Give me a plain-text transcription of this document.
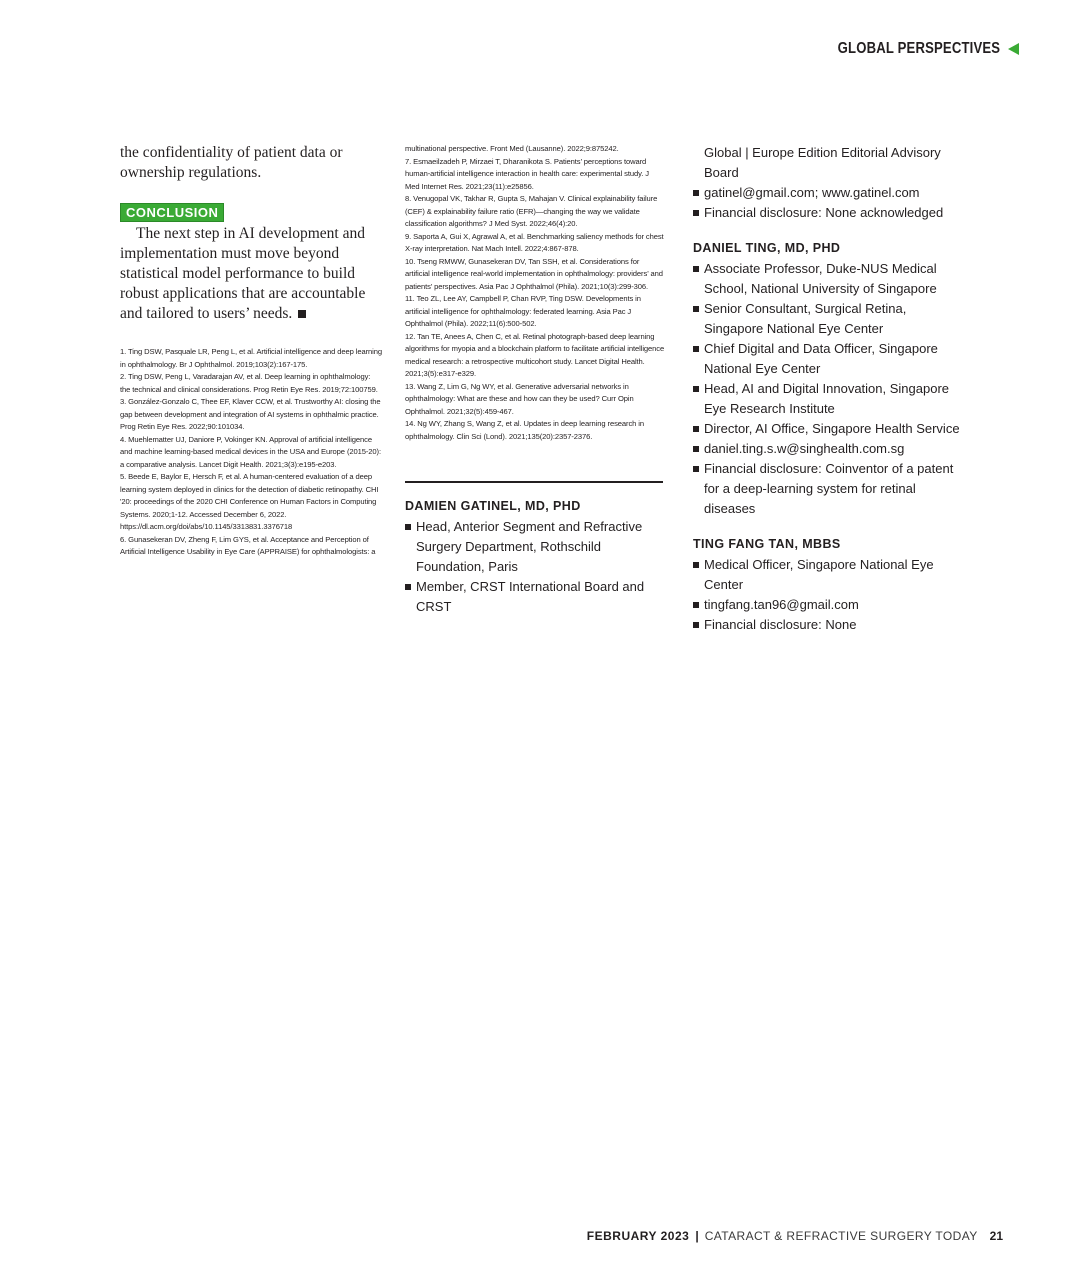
GLOBAL PERSPECTIVES

the confidentiality of patient data or ownership regulations.

CONCLUSION

The next step in AI development and implementation must move beyond statistical model performance to build robust applications that are accountable and tailored to users’ needs.

1. Ting DSW, Pasquale LR, Peng L, et al. Artificial intelligence and deep learning in ophthalmology. Br J Ophthalmol. 2019;103(2):167-175.

2. Ting DSW, Peng L, Varadarajan AV, et al. Deep learning in ophthalmology: the technical and clinical considerations. Prog Retin Eye Res. 2019;72:100759.

3. González-Gonzalo C, Thee EF, Klaver CCW, et al. Trustworthy AI: closing the gap between development and integration of AI systems in ophthalmic practice. Prog Retin Eye Res. 2022;90:101034.

4. Muehlematter UJ, Daniore P, Vokinger KN. Approval of artificial intelligence and machine learning-based medical devices in the USA and Europe (2015-20): a comparative analysis. Lancet Digit Health. 2021;3(3):e195-e203.

5. Beede E, Baylor E, Hersch F, et al. A human-centered evaluation of a deep learning system deployed in clinics for the detection of diabetic retinopathy. CHI '20: proceedings of the 2020 CHI Conference on Human Factors in Computing Systems. 2020;1-12. Accessed December 6, 2022. https://dl.acm.org/doi/abs/10.1145/3313831.3376718

6. Gunasekeran DV, Zheng F, Lim GYS, et al. Acceptance and Perception of Artificial Intelligence Usability in Eye Care (APPRAISE) for ophthalmologists: a

multinational perspective. Front Med (Lausanne). 2022;9:875242.

7. Esmaeilzadeh P, Mirzaei T, Dharanikota S. Patients’ perceptions toward human-artificial intelligence interaction in health care: experimental study. J Med Internet Res. 2021;23(11):e25856.

8. Venugopal VK, Takhar R, Gupta S, Mahajan V. Clinical explainability failure (CEF) & explainability failure ratio (EFR)—changing the way we validate classification algorithms? J Med Syst. 2022;46(4):20.

9. Saporta A, Gui X, Agrawal A, et al. Benchmarking saliency methods for chest X-ray interpretation. Nat Mach Intell. 2022;4:867-878.

10. Tseng RMWW, Gunasekeran DV, Tan SSH, et al. Considerations for artificial intelligence real-world implementation in ophthalmology: providers’ and patients’ perspectives. Asia Pac J Ophthalmol (Phila). 2021;10(3):299-306.

11. Teo ZL, Lee AY, Campbell P, Chan RVP, Ting DSW. Developments in artificial intelligence for ophthalmology: federated learning. Asia Pac J Ophthalmol (Phila). 2022;11(6):500-502.

12. Tan TE, Anees A, Chen C, et al. Retinal photograph-based deep learning algorithms for myopia and a blockchain platform to facilitate artificial intelligence medical research: a retrospective multicohort study. Lancet Digital Health. 2021;3(5):e317-e329.

13. Wang Z, Lim G, Ng WY, et al. Generative adversarial networks in ophthalmology: What are these and how can they be used? Curr Opin Ophthalmol. 2021;32(5):459-467.

14. Ng WY, Zhang S, Wang Z, et al. Updates in deep learning research in ophthalmology. Clin Sci (Lond). 2021;135(20):2357-2376.

DAMIEN GATINEL, MD, PHD

Head, Anterior Segment and Refractive Surgery Department, Rothschild Foundation, Paris
Member, CRST International Board and CRST
Global | Europe Edition Editorial Advisory Board
gatinel@gmail.com; www.gatinel.com
Financial disclosure: None acknowledged

DANIEL TING, MD, PHD

Associate Professor, Duke-NUS Medical School, National University of Singapore
Senior Consultant, Surgical Retina, Singapore National Eye Center
Chief Digital and Data Officer, Singapore National Eye Center
Head, AI and Digital Innovation, Singapore Eye Research Institute
Director, AI Office, Singapore Health Service
daniel.ting.s.w@singhealth.com.sg
Financial disclosure: Coinventor of a patent for a deep-learning system for retinal diseases

TING FANG TAN, MBBS

Medical Officer, Singapore National Eye Center
tingfang.tan96@gmail.com
Financial disclosure: None
FEBRUARY 2023 | CATARACT & REFRACTIVE SURGERY TODAY 21
